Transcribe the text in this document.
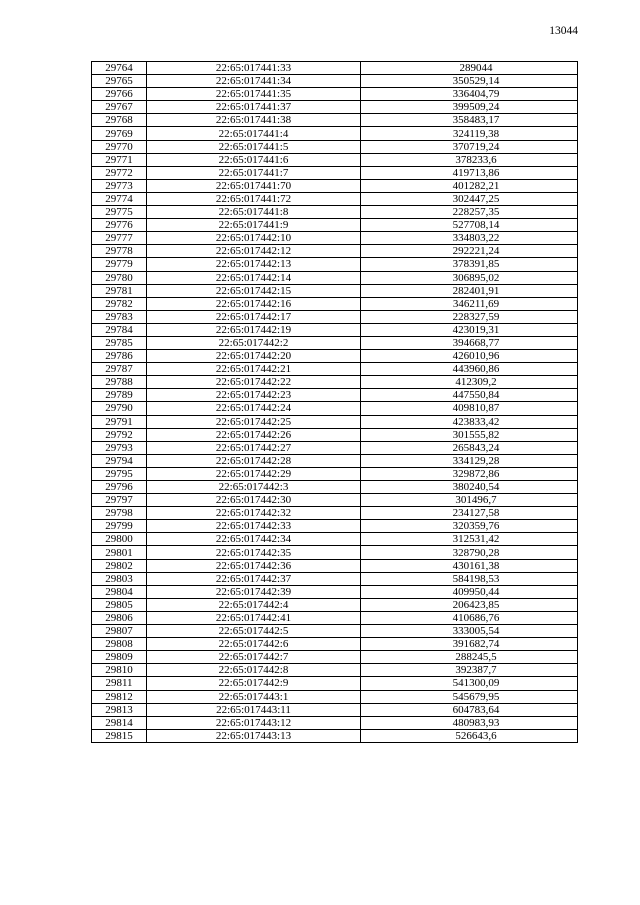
13044
29764	22:65:017441:33	289044
29765	22:65:017441:34	350529,14
29766	22:65:017441:35	336404,79
29767	22:65:017441:37	399509,24
29768	22:65:017441:38	358483,17
29769	22:65:017441:4	324119,38
29770	22:65:017441:5	370719,24
29771	22:65:017441:6	378233,6
29772	22:65:017441:7	419713,86
29773	22:65:017441:70	401282,21
29774	22:65:017441:72	302447,25
29775	22:65:017441:8	228257,35
29776	22:65:017441:9	527708,14
29777	22:65:017442:10	334803,22
29778	22:65:017442:12	292221,24
29779	22:65:017442:13	378391,85
29780	22:65:017442:14	306895,02
29781	22:65:017442:15	282401,91
29782	22:65:017442:16	346211,69
29783	22:65:017442:17	228327,59
29784	22:65:017442:19	423019,31
29785	22:65:017442:2	394668,77
29786	22:65:017442:20	426010,96
29787	22:65:017442:21	443960,86
29788	22:65:017442:22	412309,2
29789	22:65:017442:23	447550,84
29790	22:65:017442:24	409810,87
29791	22:65:017442:25	423833,42
29792	22:65:017442:26	301555,82
29793	22:65:017442:27	265843,24
29794	22:65:017442:28	334129,28
29795	22:65:017442:29	329872,86
29796	22:65:017442:3	380240,54
29797	22:65:017442:30	301496,7
29798	22:65:017442:32	234127,58
29799	22:65:017442:33	320359,76
29800	22:65:017442:34	312531,42
29801	22:65:017442:35	328790,28
29802	22:65:017442:36	430161,38
29803	22:65:017442:37	584198,53
29804	22:65:017442:39	409950,44
29805	22:65:017442:4	206423,85
29806	22:65:017442:41	410686,76
29807	22:65:017442:5	333005,54
29808	22:65:017442:6	391682,74
29809	22:65:017442:7	288245,5
29810	22:65:017442:8	392387,7
29811	22:65:017442:9	541300,09
29812	22:65:017443:1	545679,95
29813	22:65:017443:11	604783,64
29814	22:65:017443:12	480983,93
29815	22:65:017443:13	526643,6
